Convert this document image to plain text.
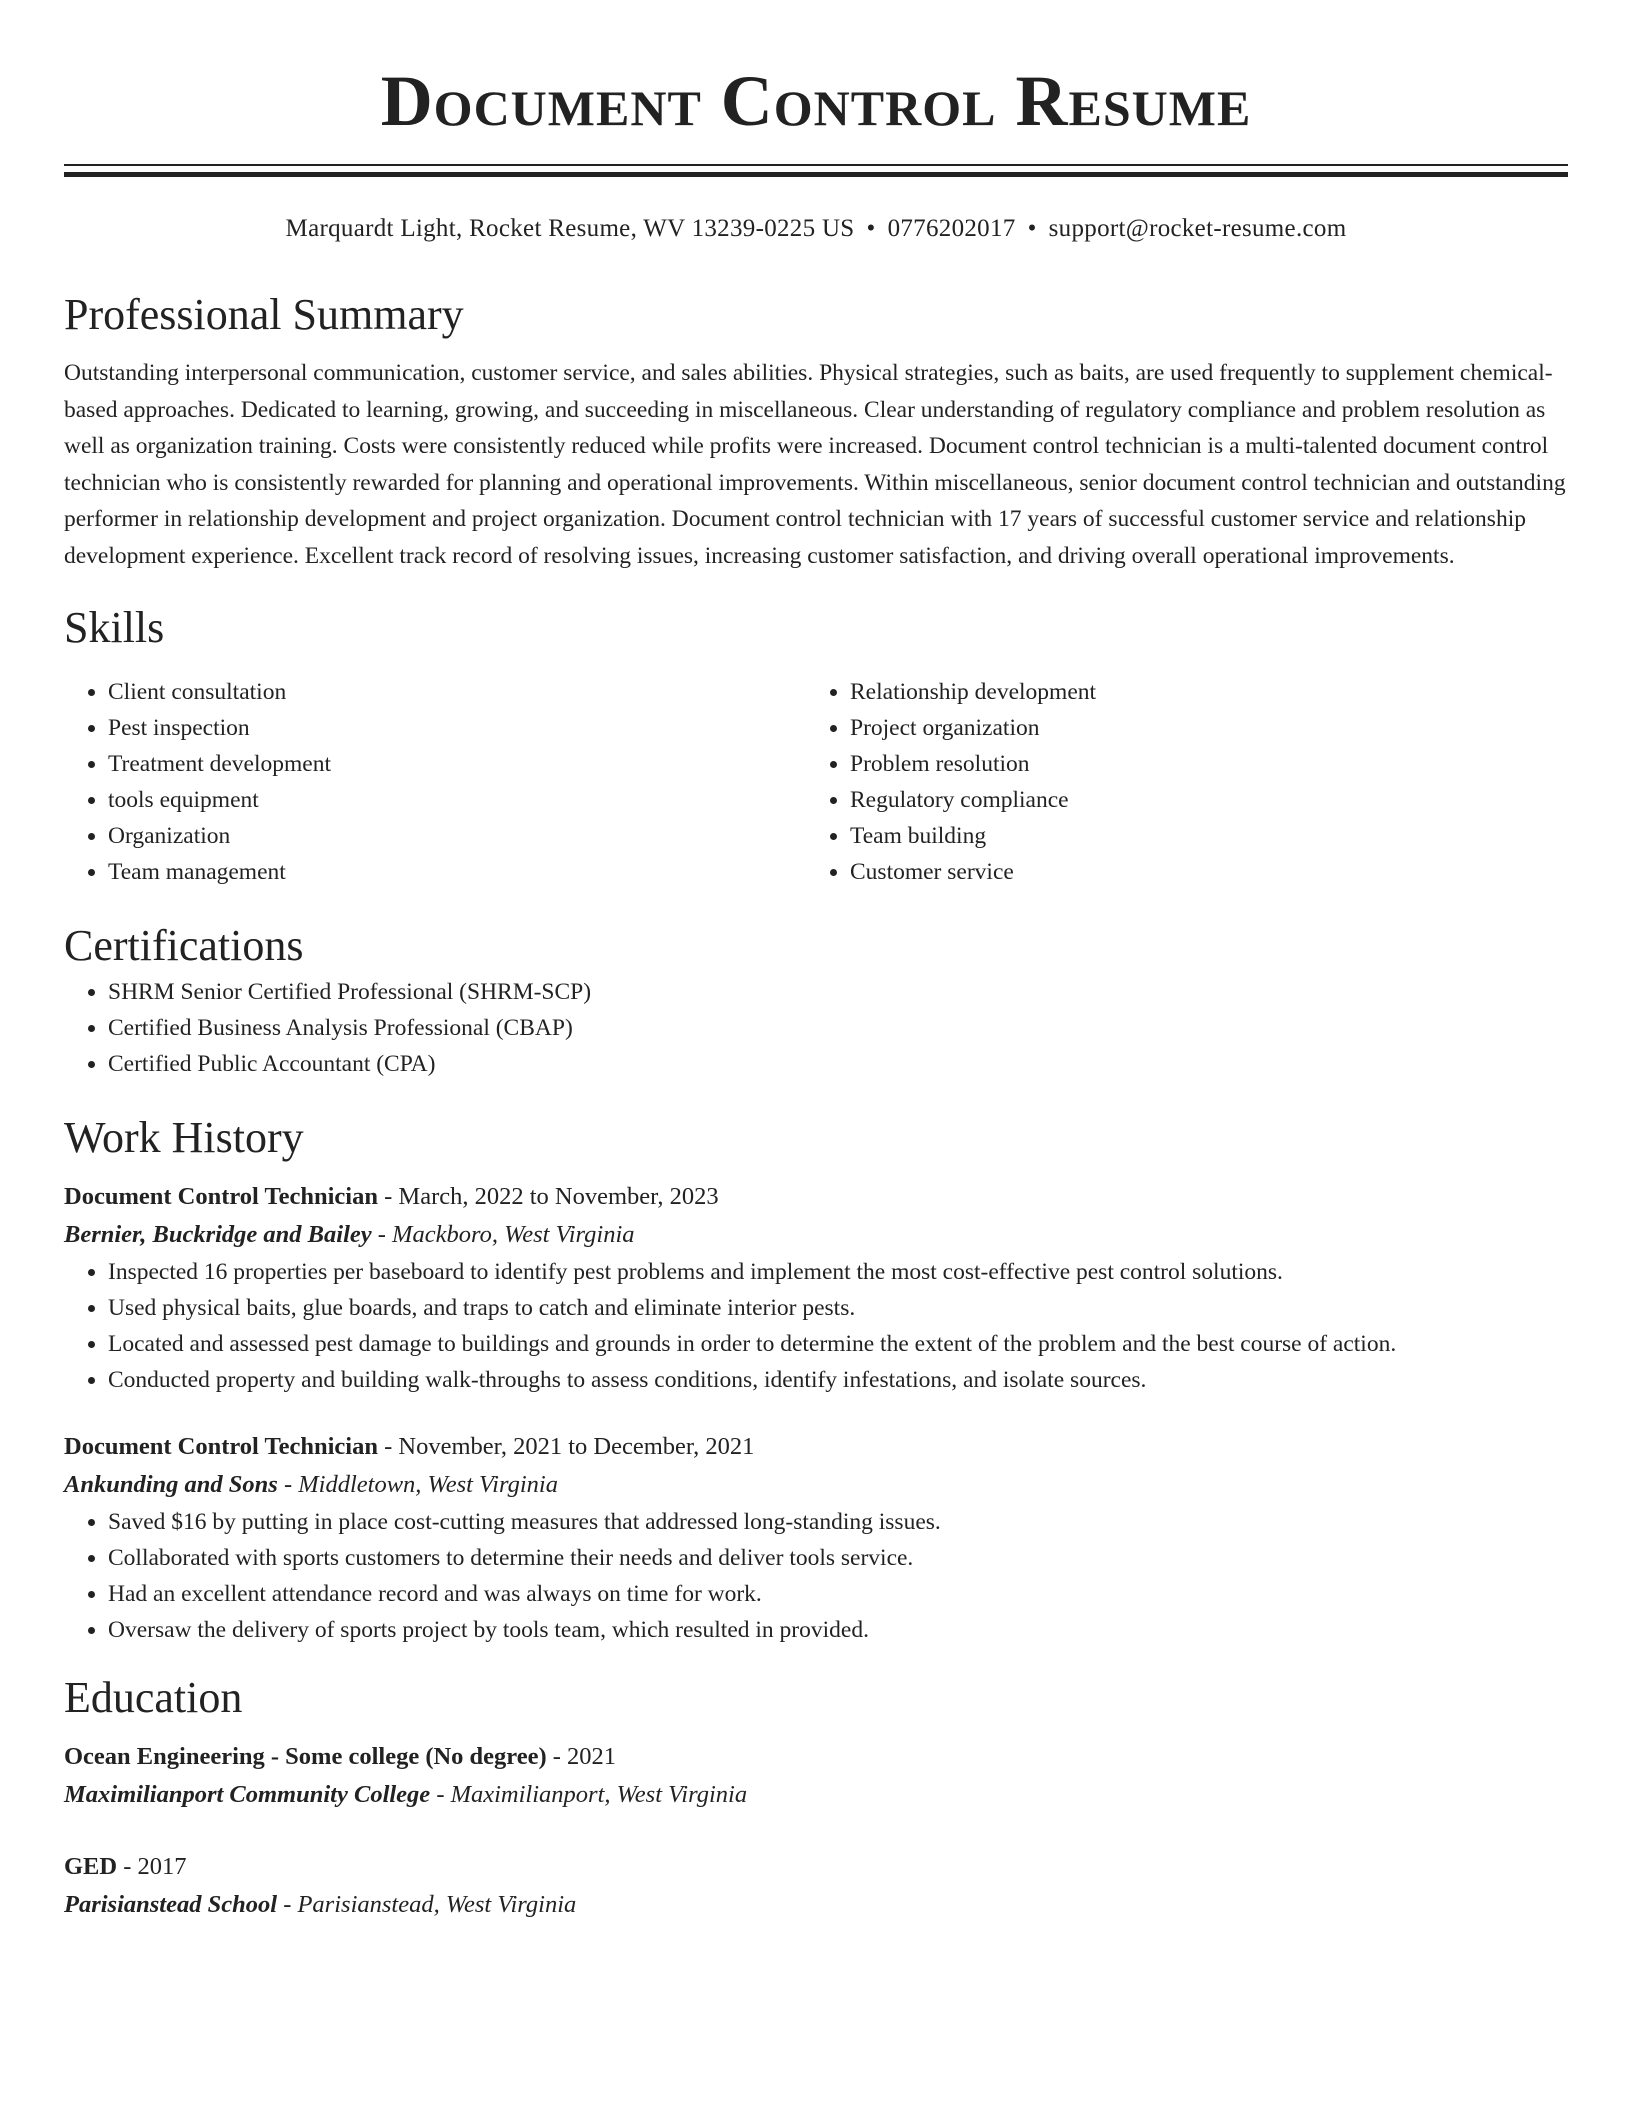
Document Control Resume
Marquardt Light, Rocket Resume, WV 13239-0225 US • 0776202017 • support@rocket-resume.com
Professional Summary

Outstanding interpersonal communication, customer service, and sales abilities. Physical strategies, such as baits, are used frequently to supplement chemical-based approaches. Dedicated to learning, growing, and succeeding in miscellaneous. Clear understanding of regulatory compliance and problem resolution as well as organization training. Costs were consistently reduced while profits were increased. Document control technician is a multi-talented document control technician who is consistently rewarded for planning and operational improvements. Within miscellaneous, senior document control technician and outstanding performer in relationship development and project organization. Document control technician with 17 years of successful customer service and relationship development experience. Excellent track record of resolving issues, increasing customer satisfaction, and driving overall operational improvements.

Skills
• Client consultation
• Pest inspection
• Treatment development
• tools equipment
• Organization
• Team management
• Relationship development
• Project organization
• Problem resolution
• Regulatory compliance
• Team building
• Customer service
Certifications
• SHRM Senior Certified Professional (SHRM-SCP)
• Certified Business Analysis Professional (CBAP)
• Certified Public Accountant (CPA)
Work History
Document Control Technician - March, 2022 to November, 2023
Bernier, Buckridge and Bailey - Mackboro, West Virginia
• Inspected 16 properties per baseboard to identify pest problems and implement the most cost-effective pest control solutions.
• Used physical baits, glue boards, and traps to catch and eliminate interior pests.
• Located and assessed pest damage to buildings and grounds in order to determine the extent of the problem and the best course of action.
• Conducted property and building walk-throughs to assess conditions, identify infestations, and isolate sources.
Document Control Technician - November, 2021 to December, 2021
Ankunding and Sons - Middletown, West Virginia
• Saved $16 by putting in place cost-cutting measures that addressed long-standing issues.
• Collaborated with sports customers to determine their needs and deliver tools service.
• Had an excellent attendance record and was always on time for work.
• Oversaw the delivery of sports project by tools team, which resulted in provided.
Education
Ocean Engineering - Some college (No degree) - 2021
Maximilianport Community College - Maximilianport, West Virginia
GED - 2017
Parisianstead School - Parisianstead, West Virginia
